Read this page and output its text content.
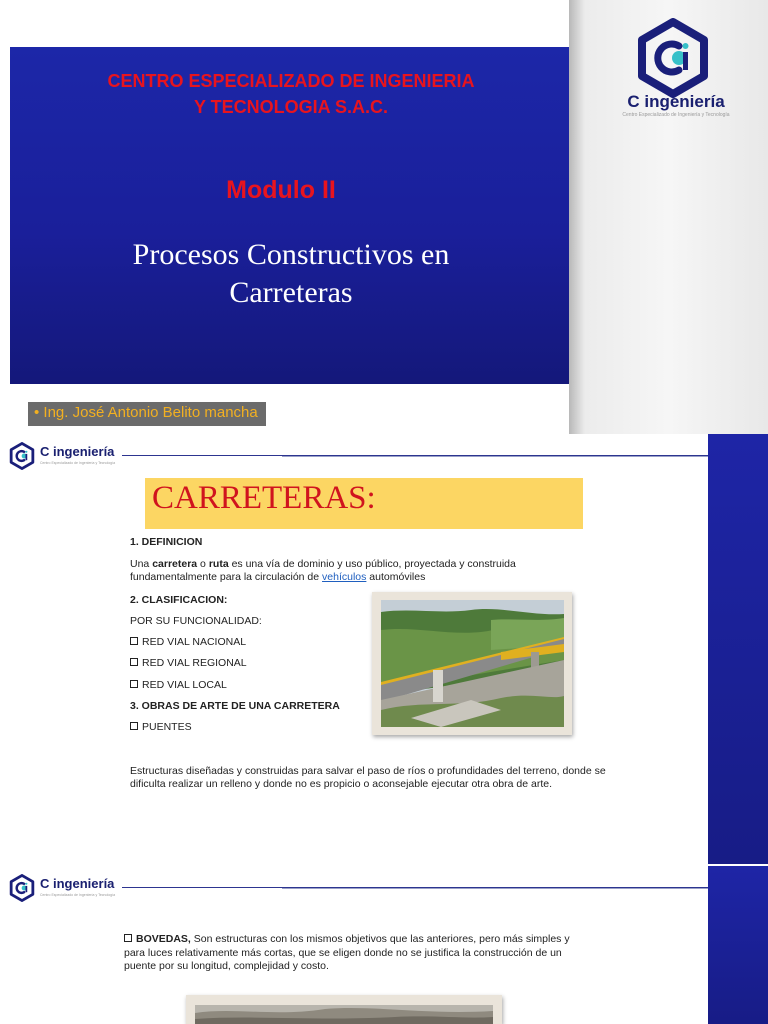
CENTRO ESPECIALIZADO DE INGENIERIA
Y TECNOLOGIA S.A.C.
Modulo II
Procesos Constructivos en
Carreteras
C ingeniería
Centro Especializado de Ingeniería y Tecnología
• Ing. José Antonio Belito mancha
C ingeniería
Centro Especializado de Ingeniería y Tecnología
CARRETERAS:
1. DEFINICION
Una carretera o ruta es una vía de dominio y uso público, proyectada y construida fundamentalmente para la circulación de vehículos automóviles
2. CLASIFICACION:
POR SU FUNCIONALIDAD:
RED VIAL NACIONAL
RED VIAL REGIONAL
RED VIAL LOCAL
3. OBRAS DE ARTE DE UNA CARRETERA
PUENTES
Estructuras diseñadas y construidas para salvar el paso de ríos o profundidades del terreno, donde se dificulta realizar un relleno y donde no es propicio o aconsejable ejecutar otra obra de arte.
C ingeniería
Centro Especializado de Ingeniería y Tecnología
BOVEDAS, Son estructuras con los mismos objetivos que las anteriores, pero más simples y para luces relativamente más cortas, que se eligen donde no se justifica la construcción de un puente por su longitud, complejidad y costo.
